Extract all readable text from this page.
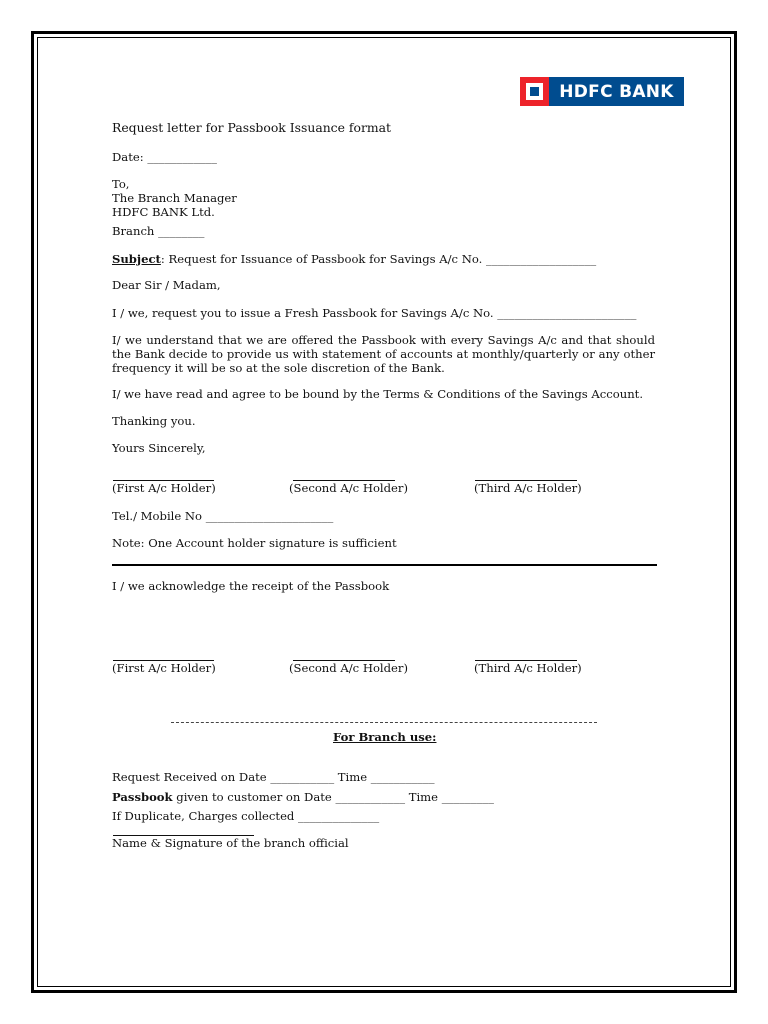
HDFC BANK
Request letter for Passbook Issuance format
Date: ____________
To,
The Branch Manager
HDFC BANK Ltd.
Branch ________
Subject: Request for Issuance of Passbook for Savings A/c No. ___________________
Dear Sir / Madam,
I / we, request you to issue a Fresh Passbook for Savings A/c No. ________________________
I/ we understand that we are offered the Passbook with every Savings A/c and that should the Bank decide to provide us with statement of accounts at monthly/quarterly or any other frequency it will be so at the sole discretion of the Bank.
I/ we have read and agree to be bound by the Terms & Conditions of the Savings Account.
Thanking you.
Yours Sincerely,
(First A/c Holder)	(Second A/c Holder)	(Third A/c Holder)
Tel./ Mobile No ______________________
Note: One Account holder signature is sufficient
I / we acknowledge the receipt of the Passbook
(First A/c Holder)	(Second A/c Holder)	(Third A/c Holder)
For Branch use:
Request Received on Date ___________ Time ___________
Passbook given to customer on Date ____________ Time _________
If Duplicate, Charges collected ______________
Name & Signature of the branch official
